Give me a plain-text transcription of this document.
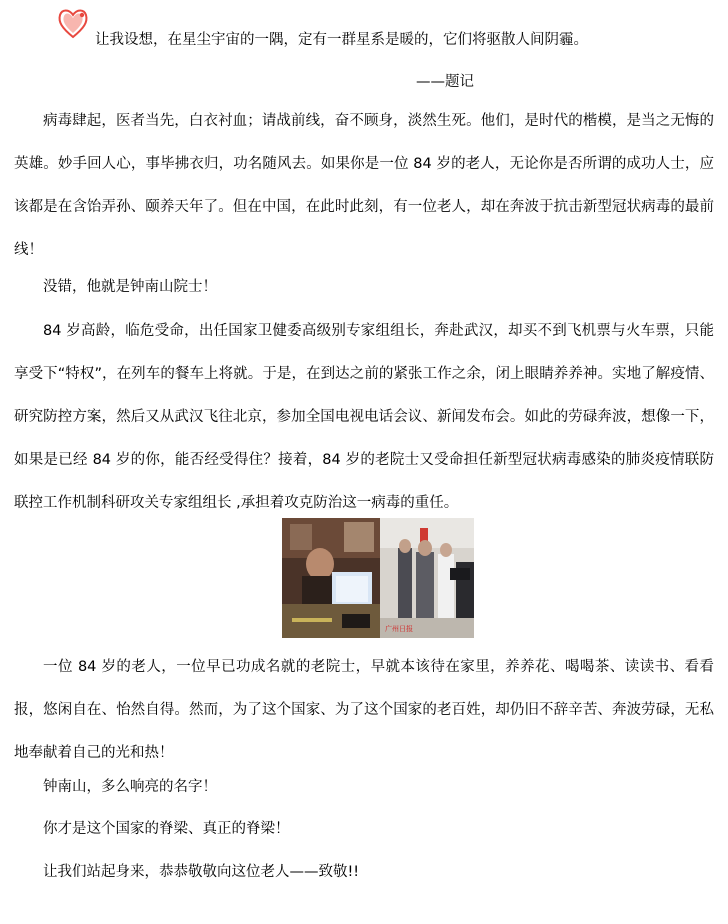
让我设想，在星尘宇宙的一隅，定有一群星系是暖的，它们将驱散人间阴霾。
——题记

病毒肆起，医者当先，白衣衬血；请战前线，奋不顾身，淡然生死。他们，是时代的楷模，是当之无悔的英雄。妙手回人心，事毕拂衣归，功名随风去。如果你是一位 84 岁的老人，无论你是否所谓的成功人士，应该都是在含饴弄孙、颐养天年了。但在中国，在此时此刻，有一位老人，却在奔波于抗击新型冠状病毒的最前线！

没错，他就是钟南山院士！

84 岁高龄，临危受命，出任国家卫健委高级别专家组组长，奔赴武汉，却买不到飞机票与火车票，只能享受下“特权”，在列车的餐车上将就。于是，在到达之前的紧张工作之余，闭上眼睛养养神。实地了解疫情、研究防控方案，然后又从武汉飞往北京，参加全国电视电话会议、新闻发布会。如此的劳碌奔波，想像一下，如果是已经 84 岁的你，能否经受得住？接着，84 岁的老院士又受命担任新型冠状病毒感染的肺炎疫情联防联控工作机制科研攻关专家组组长 ,承担着攻克防治这一病毒的重任。

广州日报

一位 84 岁的老人，一位早已功成名就的老院士，早就本该待在家里，养养花、喝喝茶、读读书、看看报，悠闲自在、怡然自得。然而，为了这个国家、为了这个国家的老百姓，却仍旧不辞辛苦、奔波劳碌，无私地奉献着自己的光和热！

钟南山，多么响亮的名字！

你才是这个国家的脊梁、真正的脊梁！

让我们站起身来，恭恭敬敬向这位老人——致敬!!
